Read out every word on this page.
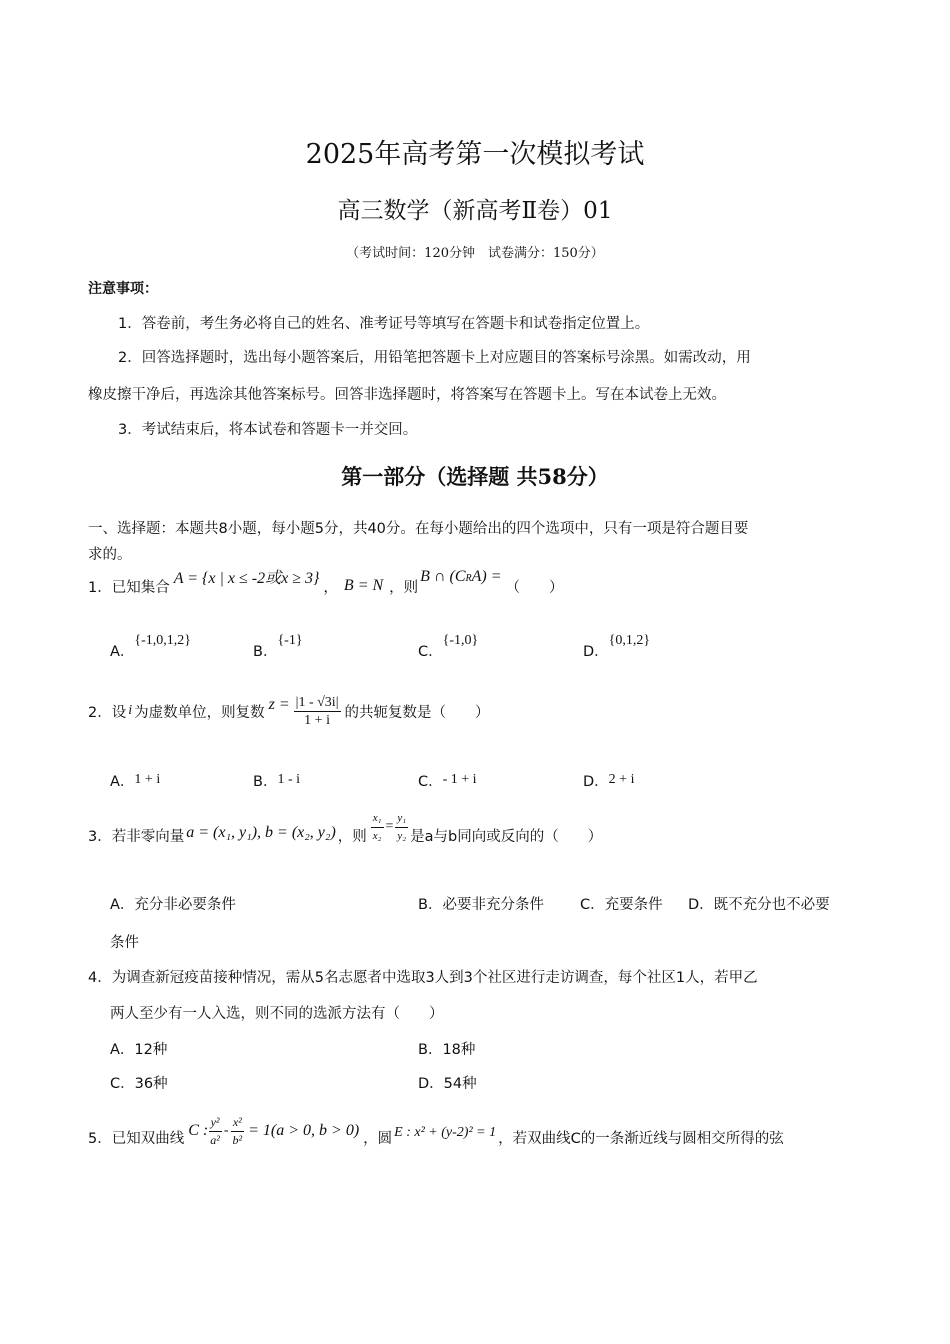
2025年高考第一次模拟考试
高三数学（新高考Ⅱ卷）01
（考试时间：120分钟　试卷满分：150分）
注意事项：
1．答卷前，考生务必将自己的姓名、准考证号等填写在答题卡和试卷指定位置上。
2．回答选择题时，选出每小题答案后，用铅笔把答题卡上对应题目的答案标号涂黑。如需改动，用
橡皮擦干净后，再选涂其他答案标号。回答非选择题时，将答案写在答题卡上。写在本试卷上无效。
3．考试结束后，将本试卷和答题卡一并交回。
第一部分（选择题 共58分）
一、选择题：本题共8小题，每小题5分，共40分。在每小题给出的四个选项中，只有一项是符合题目要
求的。
1．已知集合
A = {x | x ≤ -2或x ≥ 3}
， B = N ，则
B ∩ (CRA) =
（　　）
A．{-1,0,1,2}
B．{-1}
C．{-1,0}
D．{0,1,2}
2．设 i 为虚数单位，则复数 $z = \frac{|1 - √3i|}{1 + i}$ 的共轭复数是（　　）
A．1 + i	B．1 - i	C．- 1 + i	D．2 + i
3．若非零向量 a = (x₁, y₁), b = (x₂, y₂) ，则 $\frac{\text{x₁}}{\text{x₂}} = \frac{\text{y₁}}{\text{y₂}}$ 是a与b同向或反向的（　　）
A．充分非必要条件	B．必要非充分条件 C．充要条件 D．既不充分也不必要
条件
4．为调查新冠疫苗接种情况，需从5名志愿者中选取3人到3个社区进行走访调查，每个社区1人，若甲乙
两人至少有一人入选，则不同的选派方法有（　　）
A．12种	B．18种
C．36种	D．54种
5．已知双曲线 C : $\frac{\text{y²}}{\text{a²}} - \frac{\text{x²}}{\text{b²}} = 1(a > 0$, b > 0) ，圆 E : x² + (y-2)² = 1 ，若双曲线C的一条渐近线与圆相交所得的弦
